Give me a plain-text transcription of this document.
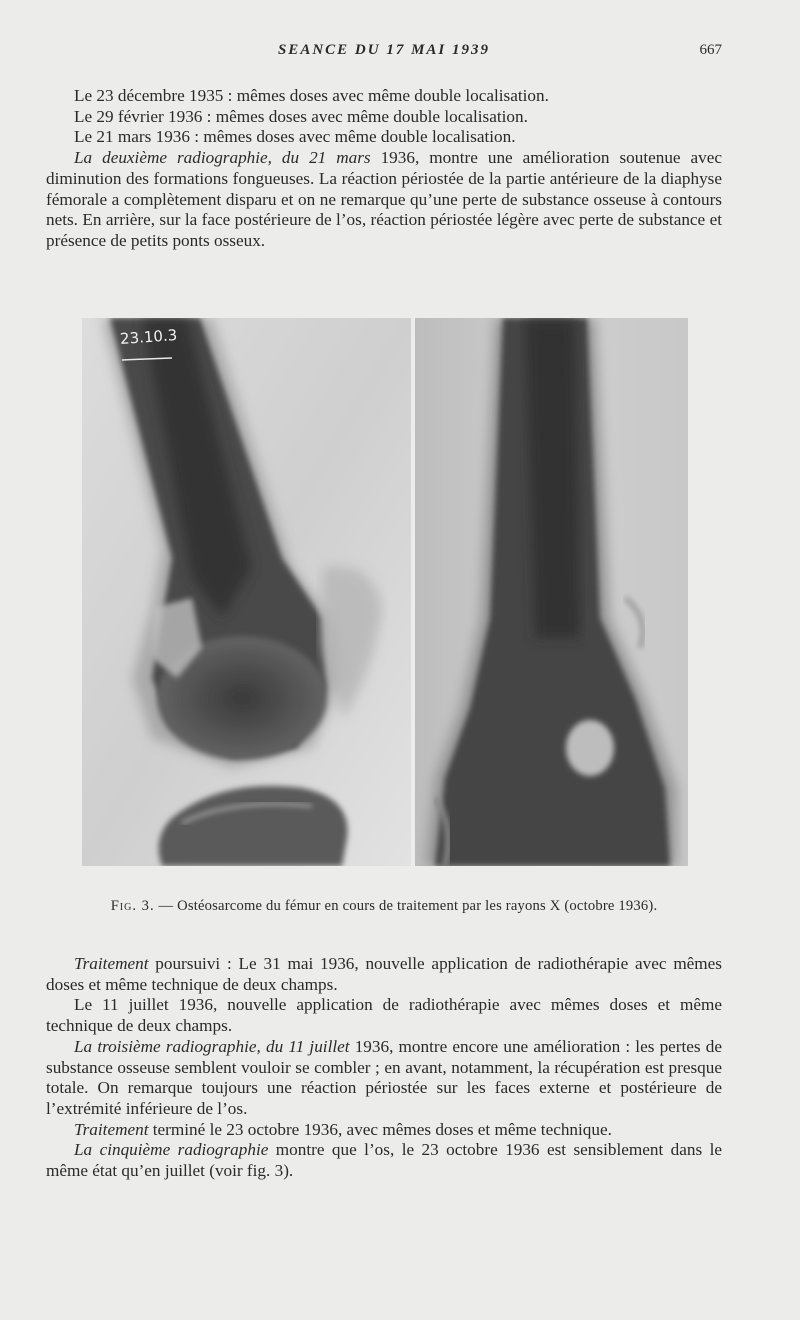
SEANCE DU 17 MAI 1939	667

Le 23 décembre 1935 : mêmes doses avec même double localisation.

Le 29 février 1936 : mêmes doses avec même double localisation.

Le 21 mars 1936 : mêmes doses avec même double localisation.

La deuxième radiographie, du 21 mars 1936, montre une amélioration soutenue avec diminution des formations fongueuses. La réaction périostée de la partie antérieure de la diaphyse fémorale a complètement disparu et on ne remarque qu’une perte de substance osseuse à contours nets. En arrière, sur la face postérieure de l’os, réaction périostée légère avec perte de substance et présence de petits ponts osseux.

23.10.3
Fig. 3. — Ostéosarcome du fémur en cours de traitement par les rayons X (octobre 1936).

Traitement poursuivi : Le 31 mai 1936, nouvelle application de radiothérapie avec mêmes doses et même technique de deux champs.

Le 11 juillet 1936, nouvelle application de radiothérapie avec mêmes doses et même technique de deux champs.

La troisième radiographie, du 11 juillet 1936, montre encore une amélioration : les pertes de substance osseuse semblent vouloir se combler ; en avant, notamment, la récupération est presque totale. On remarque toujours une réaction périostée sur les faces externe et postérieure de l’extrémité inférieure de l’os.

Traitement terminé le 23 octobre 1936, avec mêmes doses et même technique.

La cinquième radiographie montre que l’os, le 23 octobre 1936 est sensiblement dans le même état qu’en juillet (voir fig. 3).
